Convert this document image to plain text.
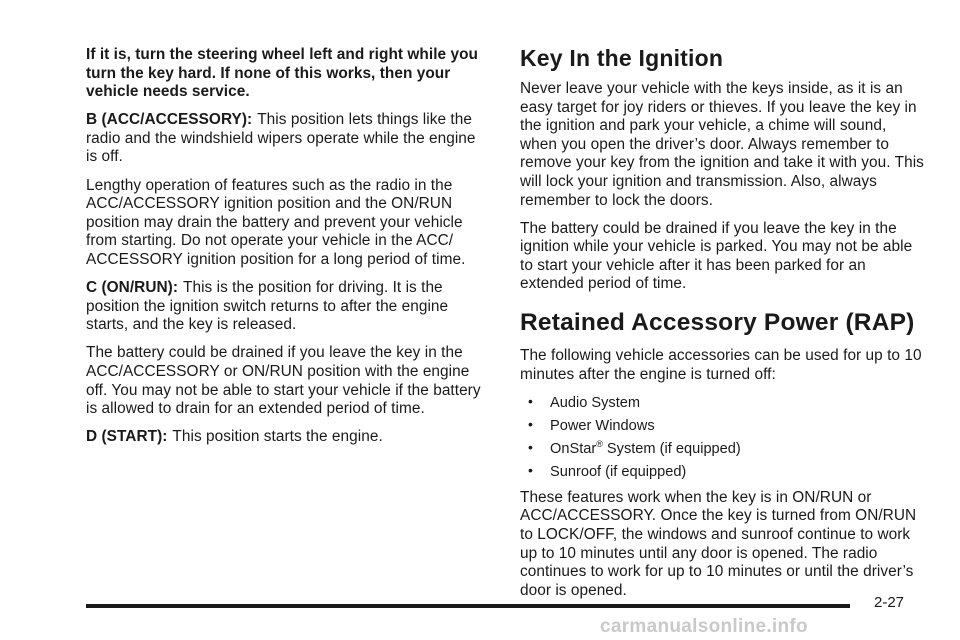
If it is, turn the steering wheel left and right while you turn the key hard. If none of this works, then your vehicle needs service.

B (ACC/ACCESSORY): This position lets things like the radio and the windshield wipers operate while the engine is off.

Lengthy operation of features such as the radio in the ACC/ACCESSORY ignition position and the ON/RUN position may drain the battery and prevent your vehicle from starting. Do not operate your vehicle in the ACC/ ACCESSORY ignition position for a long period of time.

C (ON/RUN): This is the position for driving. It is the position the ignition switch returns to after the engine starts, and the key is released.

The battery could be drained if you leave the key in the ACC/ACCESSORY or ON/RUN position with the engine off. You may not be able to start your vehicle if the battery is allowed to drain for an extended period of time.

D (START): This position starts the engine.

Key In the Ignition

Never leave your vehicle with the keys inside, as it is an easy target for joy riders or thieves. If you leave the key in the ignition and park your vehicle, a chime will sound, when you open the driver’s door. Always remember to remove your key from the ignition and take it with you. This will lock your ignition and transmission. Also, always remember to lock the doors.

The battery could be drained if you leave the key in the ignition while your vehicle is parked. You may not be able to start your vehicle after it has been parked for an extended period of time.

Retained Accessory Power (RAP)

The following vehicle accessories can be used for up to 10 minutes after the engine is turned off:

• Audio System
• Power Windows
• OnStar® System (if equipped)
• Sunroof (if equipped)

These features work when the key is in ON/RUN or ACC/ACCESSORY. Once the key is turned from ON/RUN to LOCK/OFF, the windows and sunroof continue to work up to 10 minutes until any door is opened. The radio continues to work for up to 10 minutes or until the driver’s door is opened.

2-27
carmanualsonline.info
